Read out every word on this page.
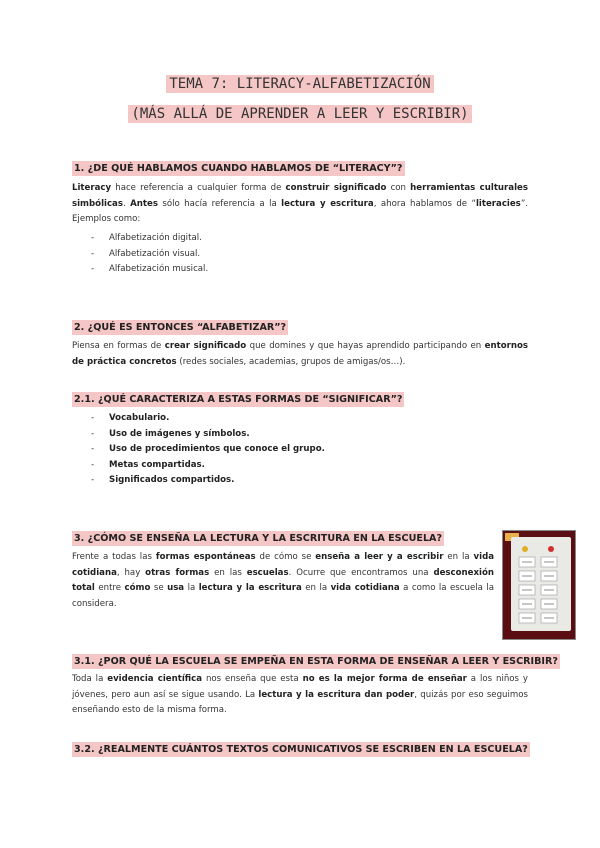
TEMA 7: LITERACY-ALFABETIZACIÓN
(MÁS ALLÁ DE APRENDER A LEER Y ESCRIBIR)
1. ¿DE QUÉ HABLAMOS CUANDO HABLAMOS DE “LITERACY”?
Literacy hace referencia a cualquier forma de construir significado con herramientas culturales simbólicas. Antes sólo hacía referencia a la lectura y escritura, ahora hablamos de “literacies”. Ejemplos como:
- Alfabetización digital.
- Alfabetización visual.
- Alfabetización musical.
2. ¿QUÉ ES ENTONCES “ALFABETIZAR”?
Piensa en formas de crear significado que domines y que hayas aprendido participando en entornos de práctica concretos (redes sociales, academias, grupos de amigas/os…).
2.1. ¿QUÉ CARACTERIZA A ESTAS FORMAS DE “SIGNIFICAR”?
- Vocabulario.
- Uso de imágenes y símbolos.
- Uso de procedimientos que conoce el grupo.
- Metas compartidas.
- Significados compartidos.
3. ¿CÓMO SE ENSEÑA LA LECTURA Y LA ESCRITURA EN LA ESCUELA?
Frente a todas las formas espontáneas de cómo se enseña a leer y a escribir en la vida cotidiana, hay otras formas en las escuelas. Ocurre que encontramos una desconexión total entre cómo se usa la lectura y la escritura en la vida cotidiana a como la escuela la considera.
3.1. ¿POR QUÉ LA ESCUELA SE EMPEÑA EN ESTA FORMA DE ENSEÑAR A LEER Y ESCRIBIR?
Toda la evidencia científica nos enseña que esta no es la mejor forma de enseñar a los niños y jóvenes, pero aun así se sigue usando. La lectura y la escritura dan poder, quizás por eso seguimos enseñando esto de la misma forma.
3.2. ¿REALMENTE CUÁNTOS TEXTOS COMUNICATIVOS SE ESCRIBEN EN LA ESCUELA?
